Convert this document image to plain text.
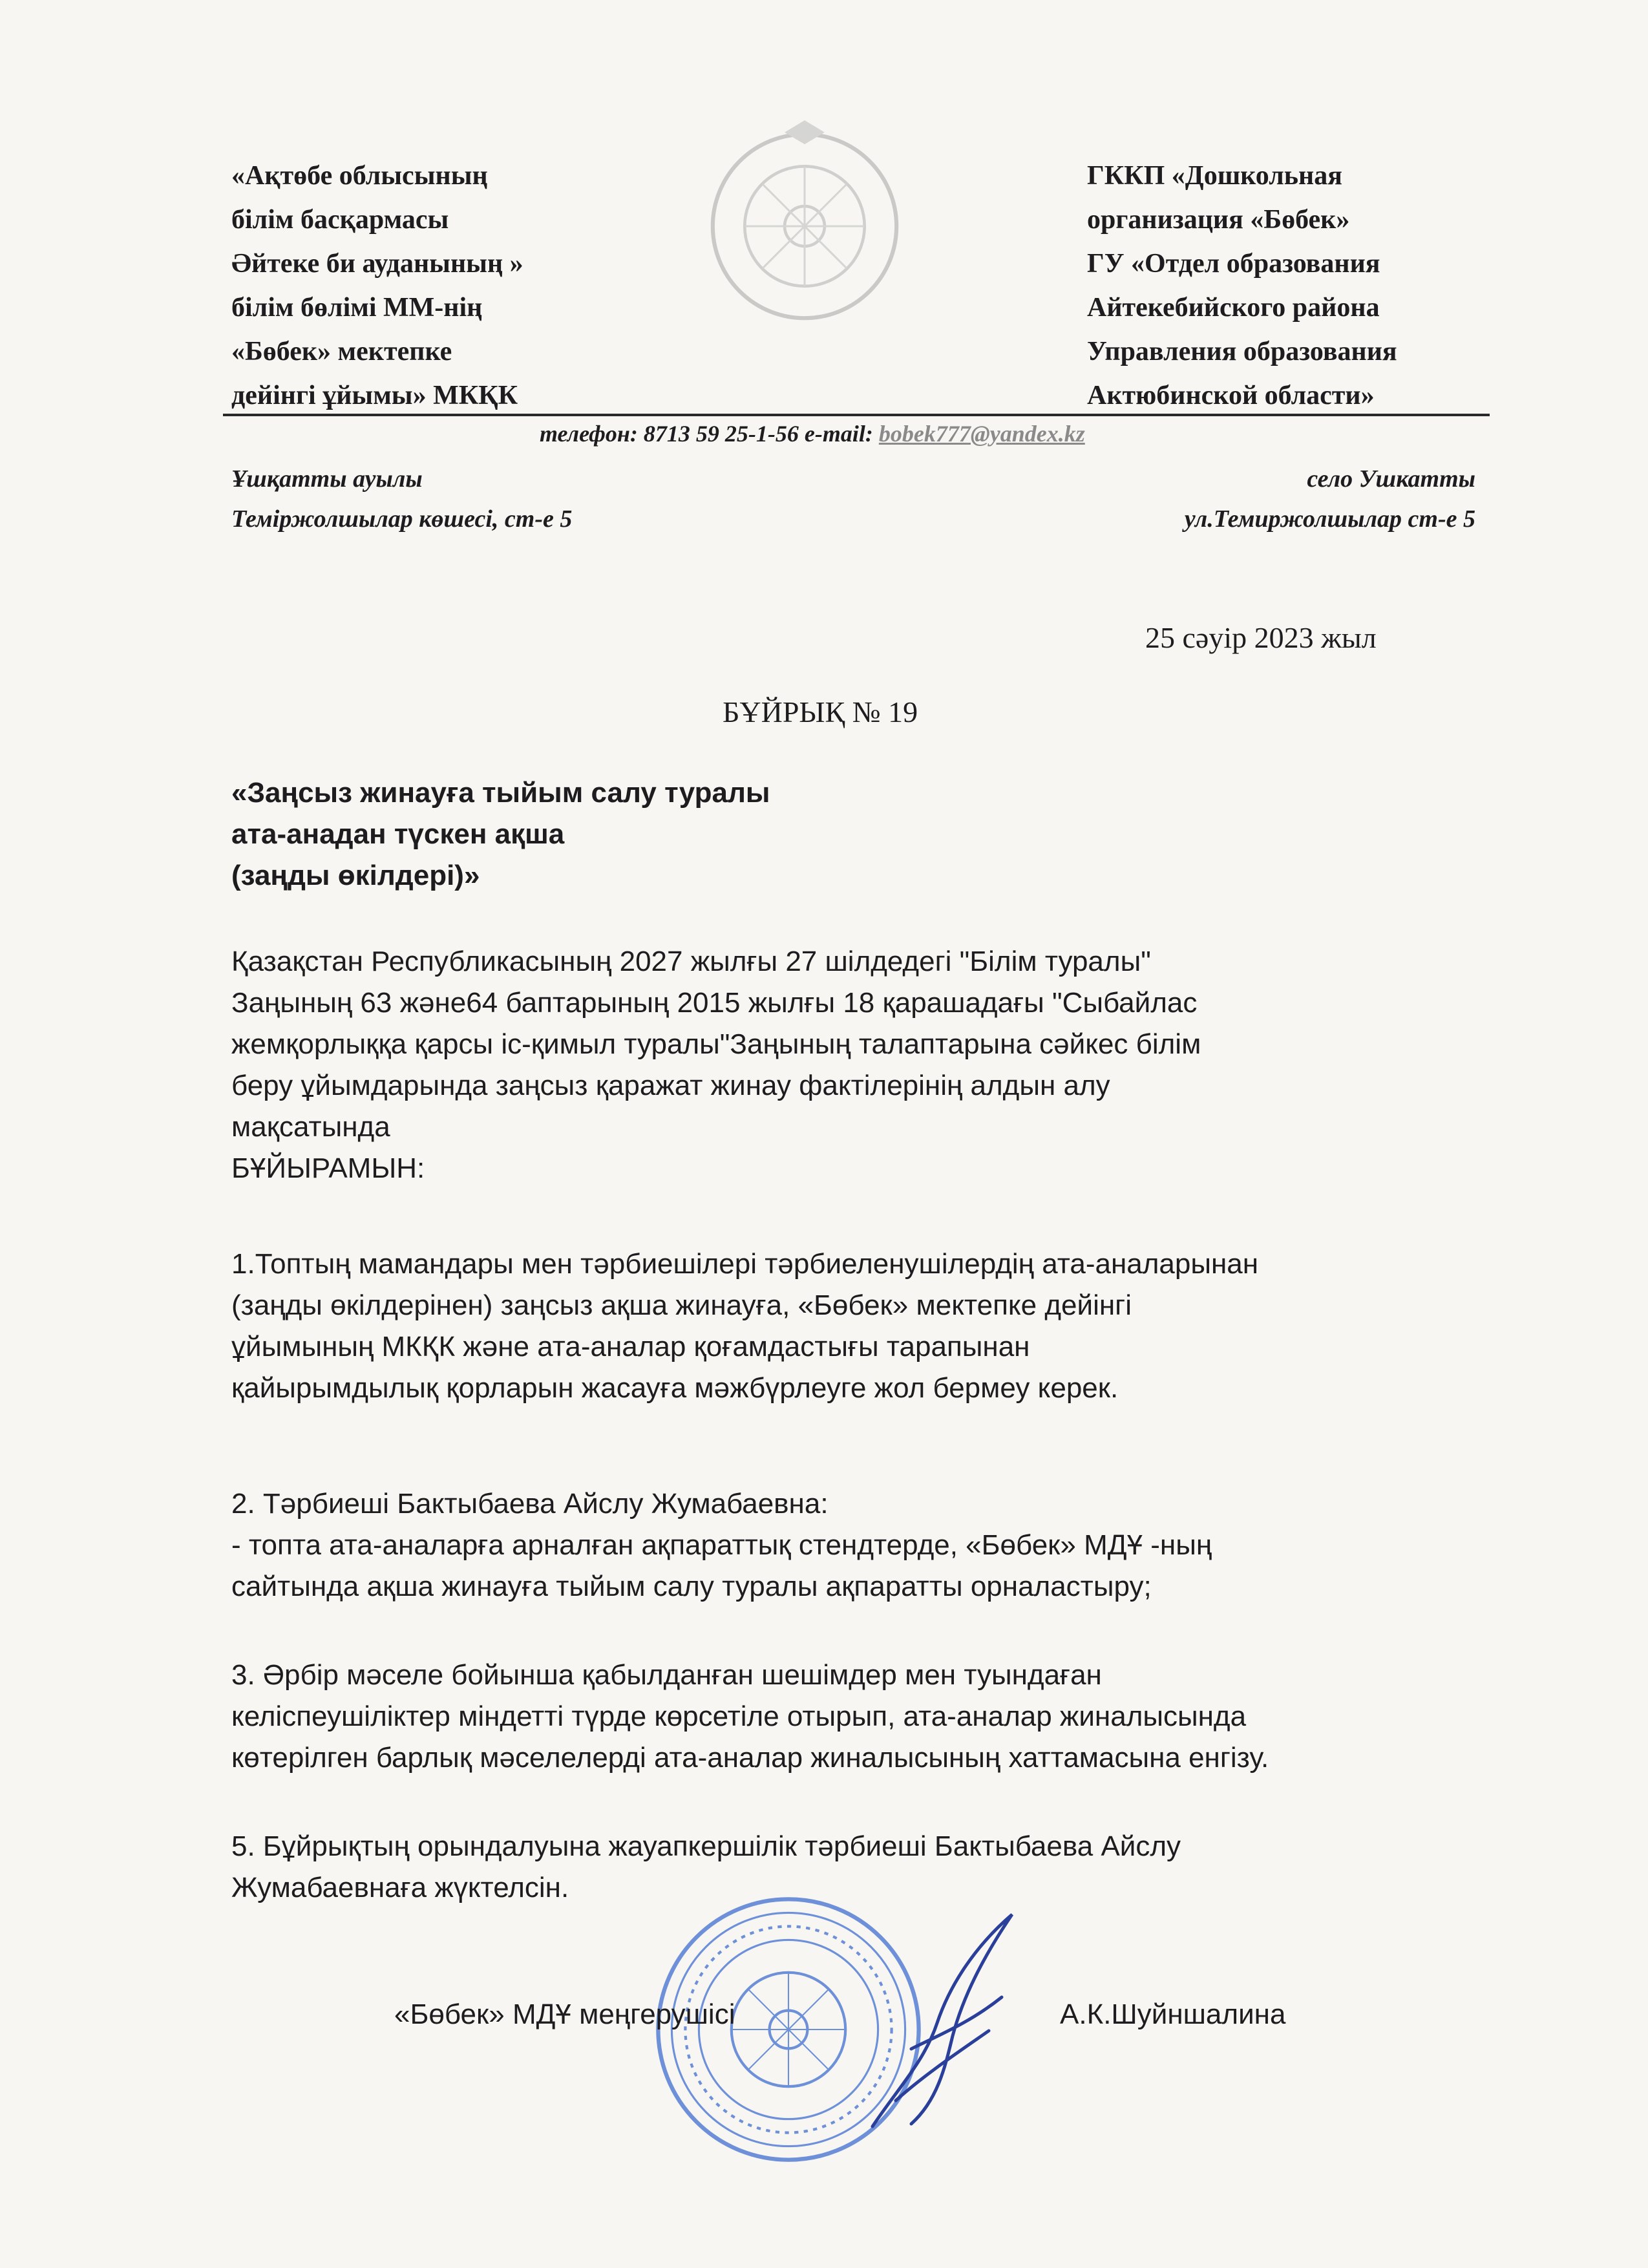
«Ақтөбе облысының
білім басқармасы
Әйтеке би ауданының »
білім бөлімі ММ-нің
«Бөбек» мектепке
дейінгі ұйымы» МКҚК
ГККП «Дошкольная
организация «Бөбек»
ГУ «Отдел образования
Айтекебийского района
Управления образования
Актюбинской области»
телефон: 8713 59 25-1-56 e-mail: bobek777@yandex.kz
Ұшқатты ауылы
Теміржолшылар көшесі, ст-е 5
село Ушкатты
ул.Темиржолшылар ст-е 5
25 сәуір 2023 жыл
БҰЙРЫҚ № 19
«Заңсыз жинауға тыйым салу туралы
ата-анадан түскен ақша
(заңды өкілдері)»
Қазақстан Республикасының 2027 жылғы 27 шілдедегі "Білім туралы"
Заңының 63 және64 баптарының 2015 жылғы 18 қарашадағы "Сыбайлас
жемқорлыққа қарсы іс-қимыл туралы"Заңының талаптарына сәйкес білім
беру ұйымдарында заңсыз қаражат жинау фактілерінің алдын алу
мақсатында
БҰЙЫРАМЫН:
1.Топтың мамандары мен тәрбиешілері тәрбиеленушілердің ата-аналарынан
(заңды өкілдерінен) заңсыз ақша жинауға, «Бөбек» мектепке дейінгі
ұйымының МКҚК және ата-аналар қоғамдастығы тарапынан
қайырымдылық қорларын жасауға мәжбүрлеуге жол бермеу керек.
2. Тәрбиеші Бактыбаева Айслу Жумабаевна:
- топта ата-аналарға арналған ақпараттық стендтерде, «Бөбек» МДҰ -ның
сайтында ақша жинауға тыйым салу туралы ақпаратты орналастыру;
3. Әрбір мәселе бойынша қабылданған шешімдер мен туындаған
келіспеушіліктер міндетті түрде көрсетіле отырып, ата-аналар жиналысында
көтерілген барлық мәселелерді ата-аналар жиналысының хаттамасына енгізу.
5. Бұйрықтың орындалуына жауапкершілік тәрбиеші Бактыбаева Айслу
Жумабаевнаға жүктелсін.
«Бөбек» МДҰ меңгерушісі	А.К.Шуйншалина
